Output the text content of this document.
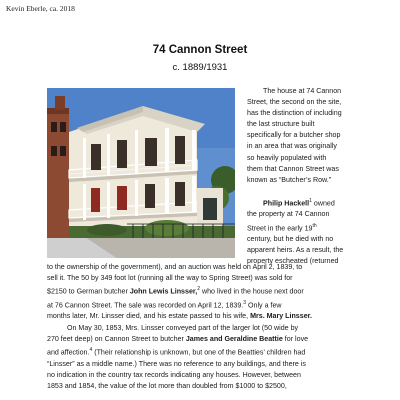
Kevin Eberle, ca. 2018
74 Cannon Street
c. 1889/1931
The house at 74 Cannon
Street, the second on the site,
has the distinction of including
the last structure built
specifically for a butcher shop
in an area that was originally
so heavily populated with
them that Cannon Street was
known as “Butcher’s Row.”
Philip Hackell$^1$ owned
the property at 74 Cannon
Street in the early 19th
century, but he died with no
apparent heirs. As a result, the
property escheated (returned
to the ownership of the government), and an auction was held on April 2, 1839, to
sell it. The 50 by 349 foot lot (running all the way to Spring Street) was sold for
$2150 to German butcher John Lewis Linsser,$^2$ who lived in the house next door
at 76 Cannon Street. The sale was recorded on April 12, 1839.$^3$ Only a few
months later, Mr. Linsser died, and his estate passed to his wife, Mrs. Mary Linsser.
On May 30, 1853, Mrs. Linsser conveyed part of the larger lot (50 wide by
270 feet deep) on Cannon Street to butcher James and Geraldine Beattie for love
and affection.$^4$ (Their relationship is unknown, but one of the Beatties’ children had
“Linsser” as a middle name.) There was no reference to any buildings, and there is
no indication in the country tax records indicating any houses. However, between
1853 and 1854, the value of the lot more than doubled from $1000 to $2500,
